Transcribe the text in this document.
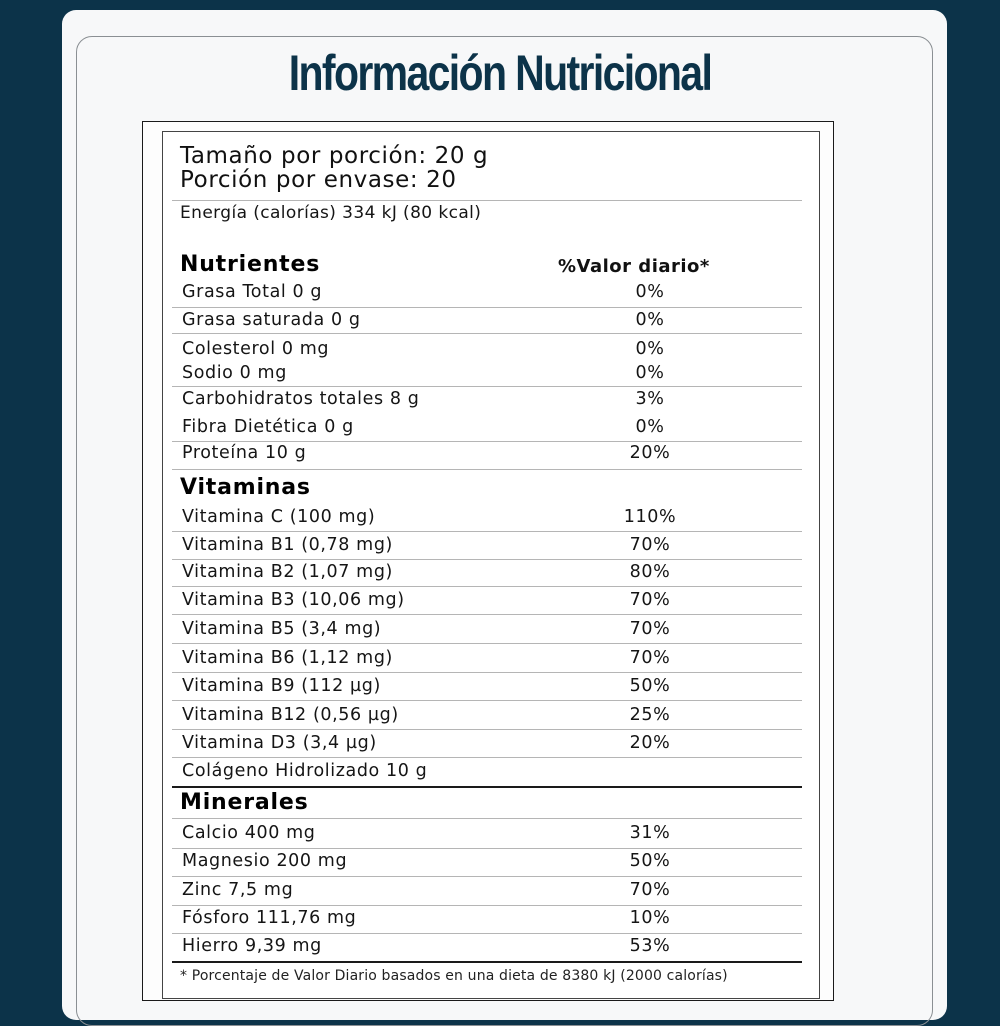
Información Nutricional
Tamaño por porción: 20 g
Porción por envase: 20
Energía (calorías) 334 kJ (80 kcal)
Nutrientes	%Valor diario*
Grasa Total 0 g	0%
Grasa saturada 0 g	0%
Colesterol 0 mg	0%
Sodio 0 mg	0%
Carbohidratos totales 8 g	3%
Fibra Dietética 0 g	0%
Proteína 10 g	20%
Vitaminas
Vitamina C (100 mg)	110%
Vitamina B1 (0,78 mg)	70%
Vitamina B2 (1,07 mg)	80%
Vitamina B3 (10,06 mg)	70%
Vitamina B5 (3,4 mg)	70%
Vitamina B6 (1,12 mg)	70%
Vitamina B9 (112 µg)	50%
Vitamina B12 (0,56 µg)	25%
Vitamina D3 (3,4 µg)	20%
Colágeno Hidrolizado 10 g
Minerales
Calcio 400 mg	31%
Magnesio 200 mg	50%
Zinc 7,5 mg	70%
Fósforo 111,76 mg	10%
Hierro 9,39 mg	53%
* Porcentaje de Valor Diario basados en una dieta de 8380 kJ (2000 calorías)
